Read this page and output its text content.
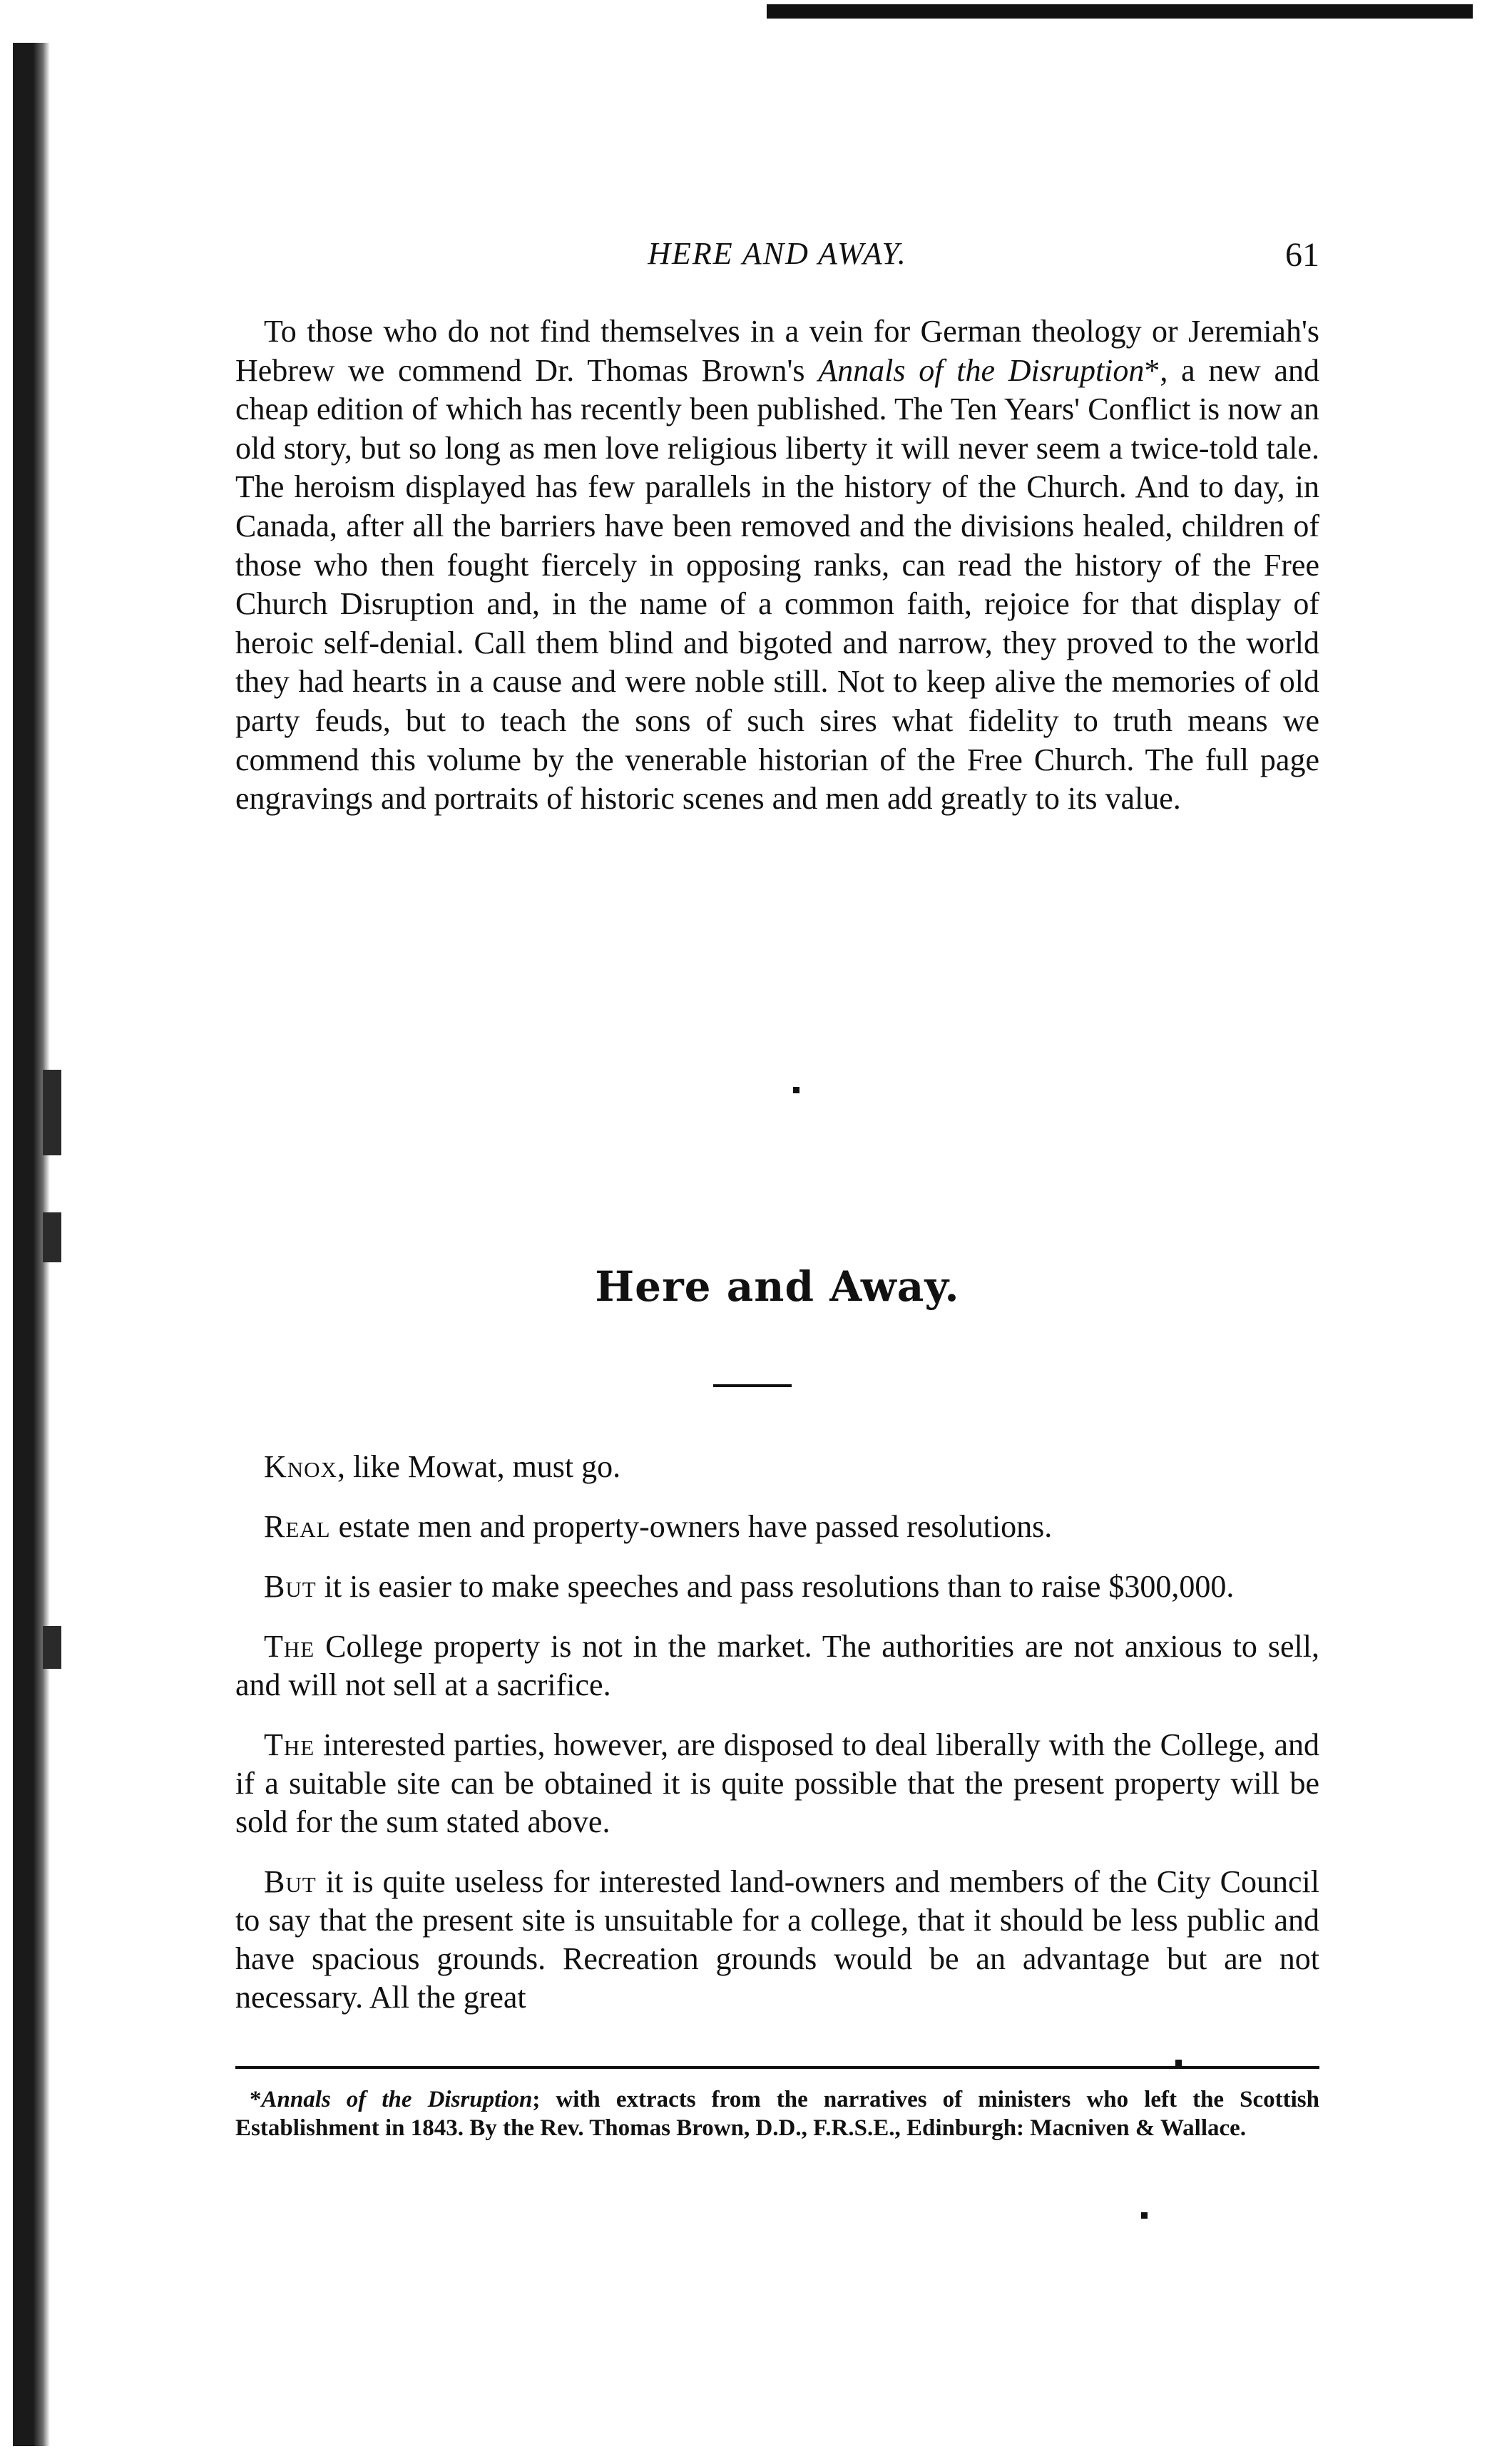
HERE AND AWAY.	61

To those who do not find themselves in a vein for German theology or Jeremiah's Hebrew we commend Dr. Thomas Brown's Annals of the Disruption*, a new and cheap edition of which has recently been published. The Ten Years' Conflict is now an old story, but so long as men love religious liberty it will never seem a twice-told tale. The heroism displayed has few parallels in the history of the Church. And to day, in Canada, after all the barriers have been removed and the divisions healed, children of those who then fought fiercely in opposing ranks, can read the history of the Free Church Disruption and, in the name of a common faith, rejoice for that display of heroic self-denial. Call them blind and bigoted and narrow, they proved to the world they had hearts in a cause and were noble still. Not to keep alive the memories of old party feuds, but to teach the sons of such sires what fidelity to truth means we commend this volume by the venerable historian of the Free Church. The full page engravings and portraits of historic scenes and men add greatly to its value.

Here and Away.

Knox, like Mowat, must go.

Real estate men and property-owners have passed resolutions.

But it is easier to make speeches and pass resolutions than to raise $300,000.

The College property is not in the market. The authorities are not anxious to sell, and will not sell at a sacrifice.

The interested parties, however, are disposed to deal liberally with the College, and if a suitable site can be obtained it is quite possible that the present property will be sold for the sum stated above.

But it is quite useless for interested land-owners and members of the City Council to say that the present site is unsuitable for a college, that it should be less public and have spacious grounds. Recreation grounds would be an advantage but are not necessary. All the great

*Annals of the Disruption; with extracts from the narratives of ministers who left the Scottish Establishment in 1843. By the Rev. Thomas Brown, D.D., F.R.S.E., Edinburgh: Macniven & Wallace.
